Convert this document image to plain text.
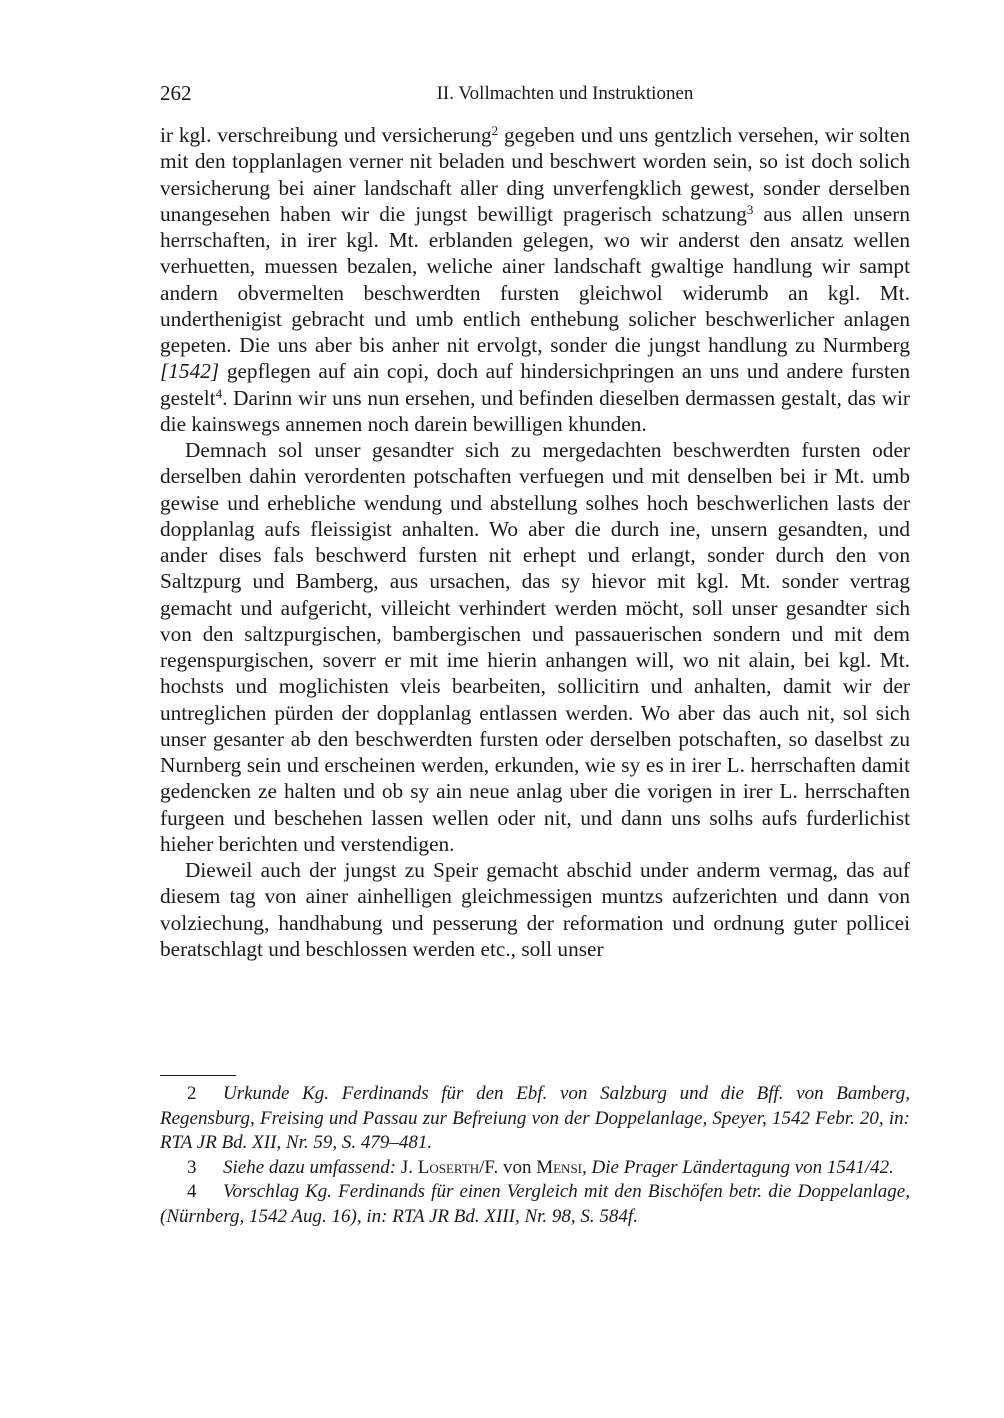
262	II. Vollmachten und Instruktionen

ir kgl. verschreibung und versicherung$^2$ gegeben und uns gentzlich versehen, wir solten mit den topplanlagen verner nit beladen und beschwert worden sein, so ist doch solich versicherung bei ainer landschaft aller ding unverfengklich gewest, sonder derselben unangesehen haben wir die jungst bewilligt pragerisch schatzung$^3$ aus allen unsern herrschaften, in irer kgl. Mt. erblanden gelegen, wo wir anderst den ansatz wellen verhuetten, muessen bezalen, weliche ainer landschaft gwaltige handlung wir sampt andern obvermelten beschwerdten fursten gleichwol widerumb an kgl. Mt. underthenigist gebracht und umb entlich enthebung solicher beschwerlicher anlagen gepeten. Die uns aber bis anher nit ervolgt, sonder die jungst handlung zu Nurmberg [1542] gepflegen auf ain copi, doch auf hindersichpringen an uns und andere fursten gestelt$^4$. Darinn wir uns nun ersehen, und befinden dieselben dermassen gestalt, das wir die kainswegs annemen noch darein bewilligen khunden.

Demnach sol unser gesandter sich zu mergedachten beschwerdten fursten oder derselben dahin verordenten potschaften verfuegen und mit denselben bei ir Mt. umb gewise und erhebliche wendung und abstellung solhes hoch beschwerlichen lasts der dopplanlag aufs fleissigist anhalten. Wo aber die durch ine, unsern gesandten, und ander dises fals beschwerd fursten nit erhept und erlangt, sonder durch den von Saltzpurg und Bamberg, aus ursachen, das sy hievor mit kgl. Mt. sonder vertrag gemacht und aufgericht, villeicht verhindert werden möcht, soll unser gesandter sich von den saltzpurgischen, bambergischen und passauerischen sondern und mit dem regenspurgischen, soverr er mit ime hierin anhangen will, wo nit alain, bei kgl. Mt. hochsts und moglichisten vleis bearbeiten, sollicitirn und anhalten, damit wir der untreglichen pürden der dopplanlag entlassen werden. Wo aber das auch nit, sol sich unser gesanter ab den beschwerdten fursten oder derselben potschaften, so daselbst zu Nurnberg sein und erscheinen werden, erkunden, wie sy es in irer L. herrschaften damit gedencken ze halten und ob sy ain neue anlag uber die vorigen in irer L. herrschaften furgeen und beschehen lassen wellen oder nit, und dann uns solhs aufs furderlichist hieher berichten und verstendigen.

Dieweil auch der jungst zu Speir gemacht abschid under anderm vermag, das auf diesem tag von ainer ainhelligen gleichmessigen muntzs aufzerichten und dann von volziechung, handhabung und pesserung der reformation und ordnung guter pollicei beratschlagt und beschlossen werden etc., soll unser

2 Urkunde Kg. Ferdinands für den Ebf. von Salzburg und die Bff. von Bamberg, Regensburg, Freising und Passau zur Befreiung von der Doppelanlage, Speyer, 1542 Febr. 20, in: RTA JR Bd. XII, Nr. 59, S. 479–481.

3 Siehe dazu umfassend: J. Loserth/F. von Mensi, Die Prager Ländertagung von 1541/42.

4 Vorschlag Kg. Ferdinands für einen Vergleich mit den Bischöfen betr. die Doppelanlage, (Nürnberg, 1542 Aug. 16), in: RTA JR Bd. XIII, Nr. 98, S. 584f.
